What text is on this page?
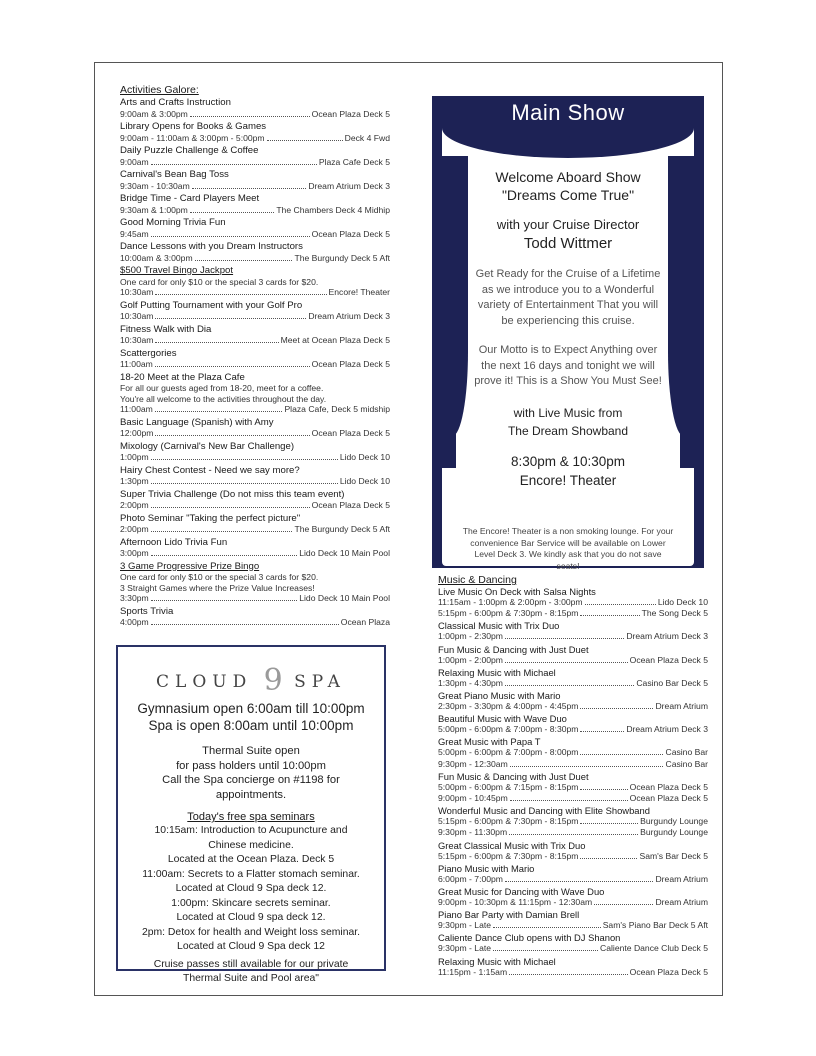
Activities Galore:
Arts and Crafts Instruction
9:00am & 3:00pm	Ocean Plaza Deck 5
Library Opens for Books & Games
9:00am - 11:00am & 3:00pm - 5:00pm	Deck 4 Fwd
Daily Puzzle Challenge & Coffee
9:00am	Plaza Cafe Deck 5
Carnival's Bean Bag Toss
9:30am - 10:30am	Dream Atrium Deck 3
Bridge Time - Card Players Meet
9:30am & 1:00pm	The Chambers Deck 4 Midhip
Good Morning Trivia Fun
9:45am	Ocean Plaza Deck 5
Dance Lessons with you Dream Instructors
10:00am & 3:00pm	The Burgundy Deck 5 Aft
$500 Travel Bingo Jackpot
One card for only $10 or the special 3 cards for $20.
10:30am	Encore! Theater
Golf Putting Tournament with your Golf Pro
10:30am	Dream Atrium Deck 3
Fitness Walk with Dia
10:30am	Meet at Ocean Plaza Deck 5
Scattergories
11:00am	Ocean Plaza Deck 5
18-20 Meet at the Plaza Cafe
For all our guests aged from 18-20, meet for a coffee.
You're all welcome to the activities throughout the day.
11:00am	Plaza Cafe, Deck 5 midship
Basic Language (Spanish) with Amy
12:00pm	Ocean Plaza Deck 5
Mixology (Carnival's New Bar Challenge)
1:00pm	Lido Deck 10
Hairy Chest Contest - Need we say more?
1:30pm	Lido Deck 10
Super Trivia Challenge (Do not miss this team event)
2:00pm	Ocean Plaza Deck 5
Photo Seminar "Taking the perfect picture"
2:00pm	The Burgundy Deck 5 Aft
Afternoon Lido Trivia Fun
3:00pm	Lido Deck 10 Main Pool
3 Game Progressive Prize Bingo
One card for only $10 or the special 3 cards for $20.
3 Straight Games where the Prize Value Increases!
3:30pm	Lido Deck 10 Main Pool
Sports Trivia
4:00pm	Ocean Plaza
CLOUD 9 SPA
Gymnasium open 6:00am till 10:00pm
Spa is open 8:00am until 10:00pm
Thermal Suite open
for pass holders until 10:00pm
Call the Spa concierge on #1198 for
appointments.
Today's free spa seminars
10:15am: Introduction to Acupuncture and
Chinese medicine.
Located at the Ocean Plaza. Deck 5
11:00am: Secrets to a Flatter stomach seminar.
Located at Cloud 9 Spa deck 12.
1:00pm: Skincare secrets seminar.
Located at Cloud 9 spa deck 12.
2pm: Detox for health and Weight loss seminar.
Located at Cloud 9 Spa deck 12
Cruise passes still available for our private
Thermal Suite and Pool area"
Main Show
Welcome Aboard Show
"Dreams Come True"
with your Cruise Director
Todd Wittmer
Get Ready for the Cruise of a Lifetime as we introduce you to a Wonderful variety of Entertainment That you will be experiencing this cruise.
Our Motto is to Expect Anything over the next 16 days and tonight we will prove it! This is a Show You Must See!
with Live Music from
The Dream Showband
8:30pm & 10:30pm
Encore! Theater
The Encore! Theater is a non smoking lounge. For your convenience Bar Service will be available on Lower Level Deck 3. We kindly ask that you do not save seats!
Music & Dancing
Live Music On Deck with Salsa Nights
11:15am - 1:00pm & 2:00pm - 3:00pm	Lido Deck 10
5:15pm - 6:00pm & 7:30pm - 8:15pm	The Song Deck 5
Classical Music with Trix Duo
1:00pm - 2:30pm	Dream Atrium Deck 3
Fun Music & Dancing with Just Duet
1:00pm - 2:00pm	Ocean Plaza Deck 5
Relaxing Music with Michael
1:30pm - 4:30pm	Casino Bar Deck 5
Great Piano Music with Mario
2:30pm - 3:30pm & 4:00pm - 4:45pm	Dream Atrium
Beautiful Music with Wave Duo
5:00pm - 6:00pm & 7:00pm - 8:30pm	Dream Atrium Deck 3
Great Music with Papa T
5:00pm - 6:00pm & 7:00pm - 8:00pm	Casino Bar
9:30pm - 12:30am	Casino Bar
Fun Music & Dancing with Just Duet
5:00pm - 6:00pm & 7:15pm - 8:15pm	Ocean Plaza Deck 5
9:00pm - 10:45pm	Ocean Plaza Deck 5
Wonderful Music and Dancing with Elite Showband
5:15pm - 6:00pm & 7:30pm - 8:15pm	Burgundy Lounge
9:30pm - 11:30pm	Burgundy Lounge
Great Classical Music with Trix Duo
5:15pm - 6:00pm & 7:30pm - 8:15pm	Sam's Bar Deck 5
Piano Music with Mario
6:00pm - 7:00pm	Dream Atrium
Great Music for Dancing with Wave Duo
9:00pm - 10:30pm & 11:15pm - 12:30am	Dream Atrium
Piano Bar Party with Damian Brell
9:30pm - Late	Sam's Piano Bar Deck 5 Aft
Caliente Dance Club opens with DJ Shanon
9:30pm - Late	Caliente Dance Club Deck 5
Relaxing Music with Michael
11:15pm - 1:15am	Ocean Plaza Deck 5
